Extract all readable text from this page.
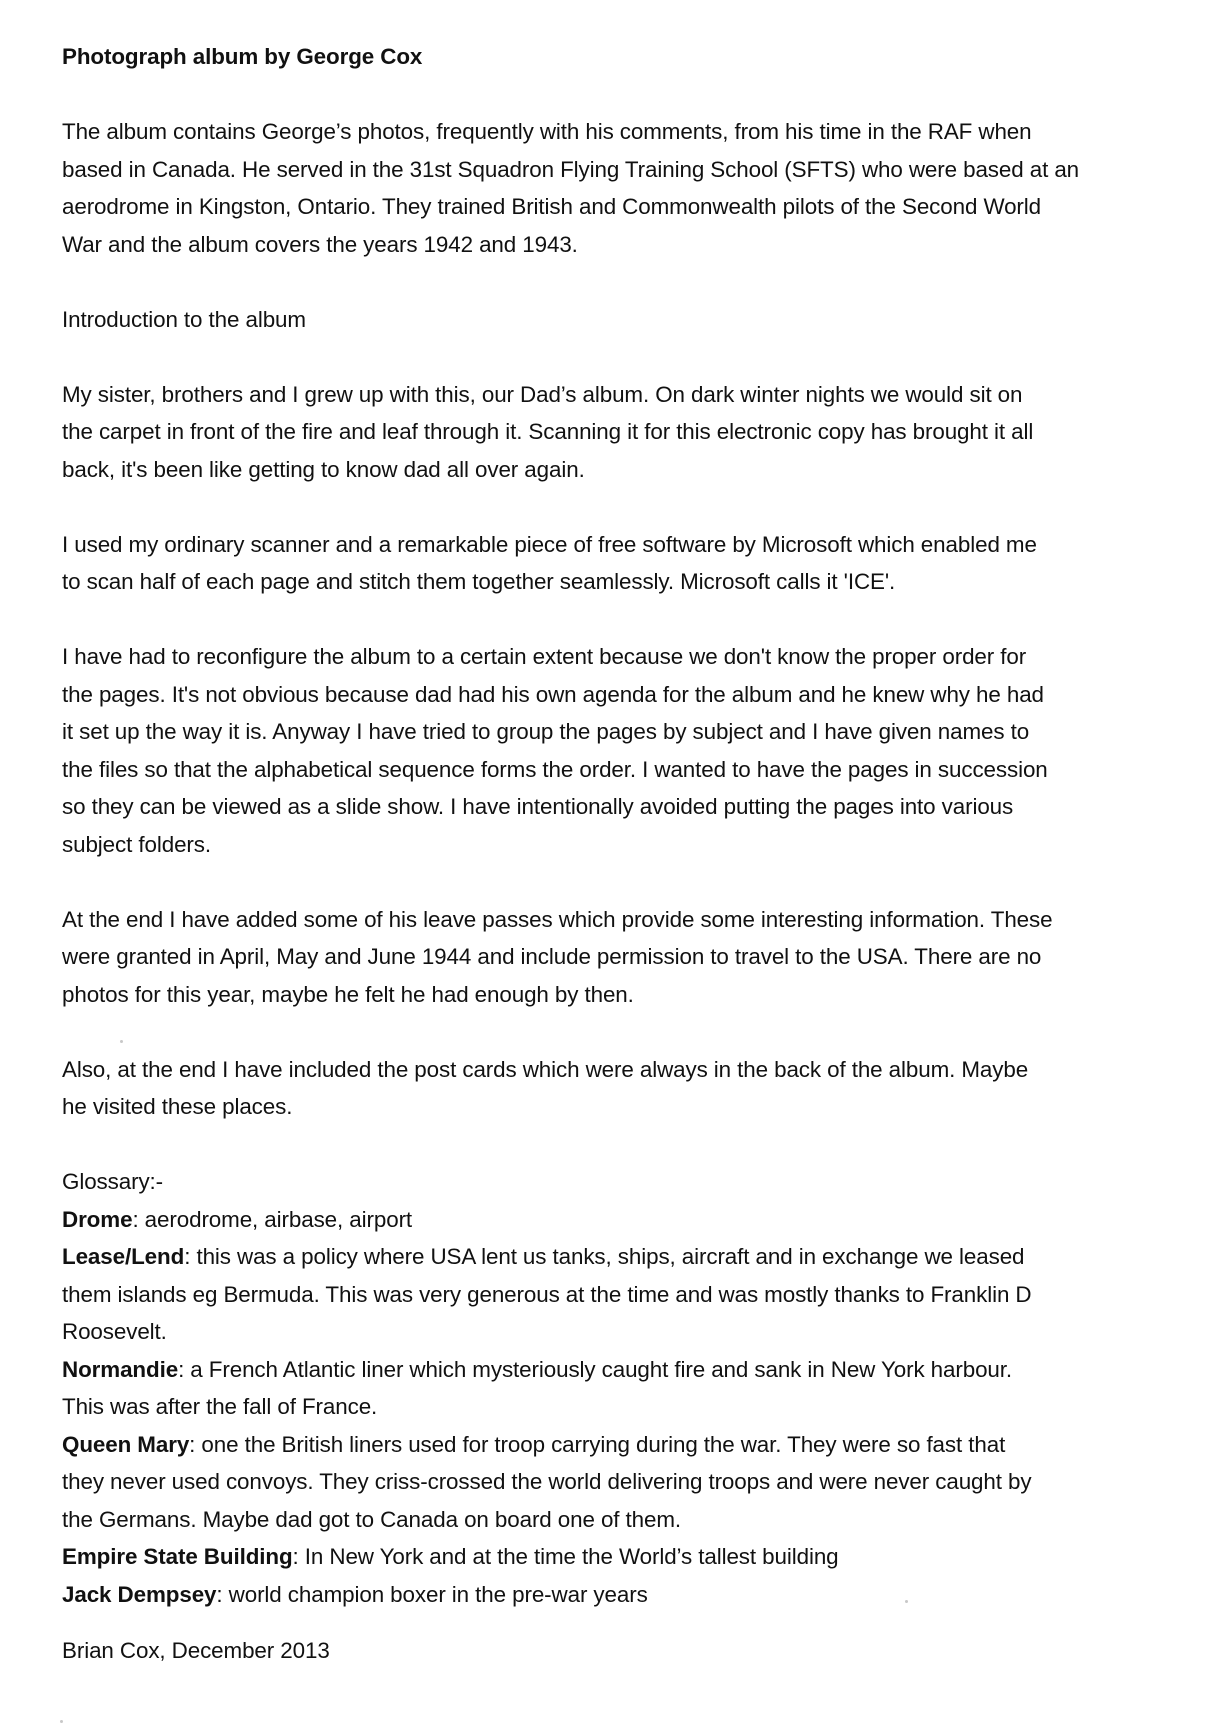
Photograph album by George Cox

The album contains George’s photos, frequently with his comments, from his time in the RAF when
based in Canada. He served in the 31st Squadron Flying Training School (SFTS) who were based at an
aerodrome in Kingston, Ontario. They trained British and Commonwealth pilots of the Second World
War and the album covers the years 1942 and 1943.

Introduction to the album

My sister, brothers and I grew up with this, our Dad’s album. On dark winter nights we would sit on
the carpet in front of the fire and leaf through it. Scanning it for this electronic copy has brought it all
back, it's been like getting to know dad all over again.

I used my ordinary scanner and a remarkable piece of free software by Microsoft which enabled me
to scan half of each page and stitch them together seamlessly. Microsoft calls it 'ICE'.

I have had to reconfigure the album to a certain extent because we don't know the proper order for
the pages. It's not obvious because dad had his own agenda for the album and he knew why he had
it set up the way it is. Anyway I have tried to group the pages by subject and I have given names to
the files so that the alphabetical sequence forms the order. I wanted to have the pages in succession
so they can be viewed as a slide show. I have intentionally avoided putting the pages into various
subject folders.

At the end I have added some of his leave passes which provide some interesting information. These
were granted in April, May and June 1944 and include permission to travel to the USA. There are no
photos for this year, maybe he felt he had enough by then.

Also, at the end I have included the post cards which were always in the back of the album. Maybe
he visited these places.

Glossary:-

Drome: aerodrome, airbase, airport

Lease/Lend: this was a policy where USA lent us tanks, ships, aircraft and in exchange we leased
them islands eg Bermuda. This was very generous at the time and was mostly thanks to Franklin D
Roosevelt.

Normandie: a French Atlantic liner which mysteriously caught fire and sank in New York harbour.
This was after the fall of France.

Queen Mary: one the British liners used for troop carrying during the war. They were so fast that
they never used convoys. They criss-crossed the world delivering troops and were never caught by
the Germans. Maybe dad got to Canada on board one of them.

Empire State Building: In New York and at the time the World’s tallest building

Jack Dempsey: world champion boxer in the pre-war years

Brian Cox, December 2013
